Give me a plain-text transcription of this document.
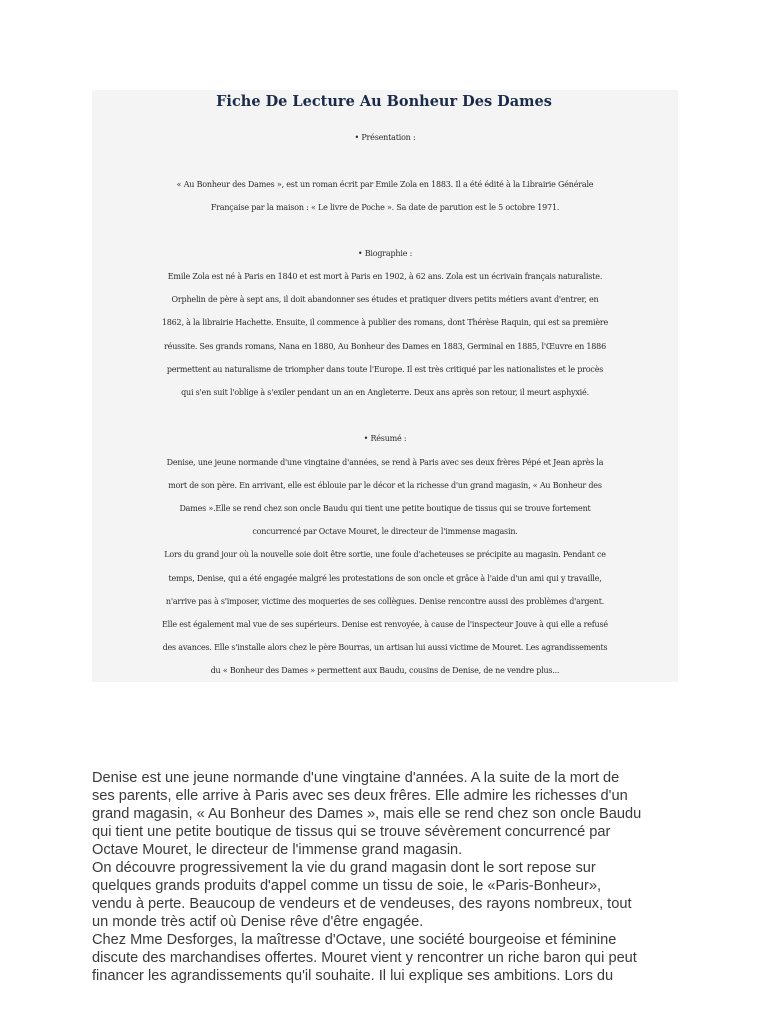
Fiche De Lecture Au Bonheur Des Dames

• Présentation :

« Au Bonheur des Dames », est un roman écrit par Emile Zola en 1883. Il a été édité à la Librairie Générale

Française par la maison : « Le livre de Poche ». Sa date de parution est le 5 octobre 1971.

• Biographie :

Emile Zola est né à Paris en 1840 et est mort à Paris en 1902, à 62 ans. Zola est un écrivain français naturaliste.

Orphelin de père à sept ans, il doit abandonner ses études et pratiquer divers petits métiers avant d'entrer, en

1862, à la librairie Hachette. Ensuite, il commence à publier des romans, dont Thérèse Raquin, qui est sa première

réussite. Ses grands romans, Nana en 1880, Au Bonheur des Dames en 1883, Germinal en 1885, l'Œuvre en 1886

permettent au naturalisme de triompher dans toute l'Europe. Il est très critiqué par les nationalistes et le procès

qui s'en suit l'oblige à s'exiler pendant un an en Angleterre. Deux ans après son retour, il meurt asphyxié.

• Résumé :

Denise, une jeune normande d'une vingtaine d'années, se rend à Paris avec ses deux frères Pépé et Jean après la

mort de son père. En arrivant, elle est éblouie par le décor et la richesse d'un grand magasin, « Au Bonheur des

Dames ».Elle se rend chez son oncle Baudu qui tient une petite boutique de tissus qui se trouve fortement

concurrencé par Octave Mouret, le directeur de l'immense magasin.

Lors du grand jour où la nouvelle soie doit être sortie, une foule d'acheteuses se précipite au magasin. Pendant ce

temps, Denise, qui a été engagée malgré les protestations de son oncle et grâce à l'aide d'un ami qui y travaille,

n'arrive pas à s'imposer, victime des moqueries de ses collègues. Denise rencontre aussi des problèmes d'argent.

Elle est également mal vue de ses supérieurs. Denise est renvoyée, à cause de l'inspecteur Jouve à qui elle a refusé

des avances. Elle s'installe alors chez le père Bourras, un artisan lui aussi victime de Mouret. Les agrandissements

du « Bonheur des Dames » permettent aux Baudu, cousins de Denise, de ne vendre plus...

Denise est une jeune normande d'une vingtaine d'années. A la suite de la mort de

ses parents, elle arrive à Paris avec ses deux frêres. Elle admire les richesses d'un

grand magasin, « Au Bonheur des Dames », mais elle se rend chez son oncle Baudu

qui tient une petite boutique de tissus qui se trouve sévèrement concurrencé par

Octave Mouret, le directeur de l'immense grand magasin.

On découvre progressivement la vie du grand magasin dont le sort repose sur

quelques grands produits d'appel comme un tissu de soie, le «Paris-Bonheur»,

vendu à perte. Beaucoup de vendeurs et de vendeuses, des rayons nombreux, tout

un monde très actif où Denise rêve d'être engagée.

Chez Mme Desforges, la maîtresse d'Octave, une société bourgeoise et féminine

discute des marchandises offertes. Mouret vient y rencontrer un riche baron qui peut

financer les agrandissements qu'il souhaite. Il lui explique ses ambitions. Lors du
